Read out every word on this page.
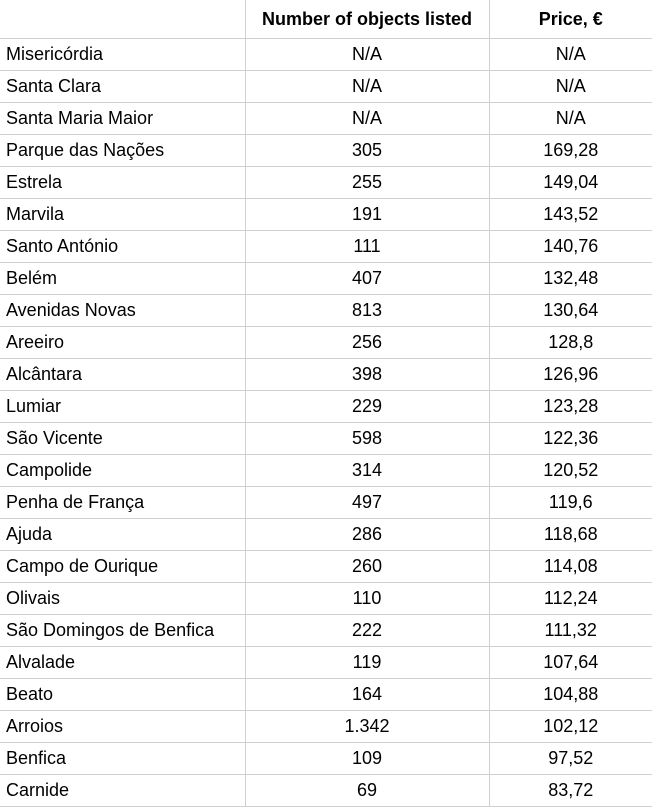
	Number of objects listed	Price, €
Misericórdia	N/A	N/A
Santa Clara	N/A	N/A
Santa Maria Maior	N/A	N/A
Parque das Nações	305	169,28
Estrela	255	149,04
Marvila	191	143,52
Santo António	111	140,76
Belém	407	132,48
Avenidas Novas	813	130,64
Areeiro	256	128,8
Alcântara	398	126,96
Lumiar	229	123,28
São Vicente	598	122,36
Campolide	314	120,52
Penha de França	497	119,6
Ajuda	286	118,68
Campo de Ourique	260	114,08
Olivais	110	112,24
São Domingos de Benfica	222	111,32
Alvalade	119	107,64
Beato	164	104,88
Arroios	1.342	102,12
Benfica	109	97,52
Carnide	69	83,72
